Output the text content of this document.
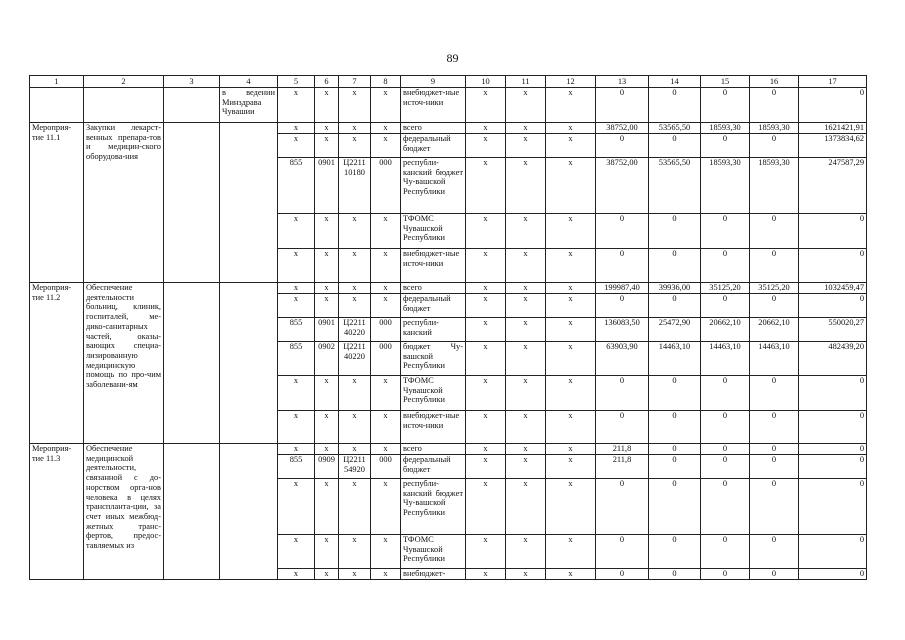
89
1	2	3	4	5	6	7	8	9	10	11	12	13	14	15	16	17
			в ведении Минздрава Чувашии	х	х	х	х	внебюджет-ные источ-ники	х	х	х	0	0	0	0	0
Мероприя-тие 11.1	Закупки лекарст-венных препара-тов и медицин-ского оборудова-ния			х	х	х	х	всего	х	х	х	38752,00	53565,50	18593,30	18593,30	1621421,91
				х	х	х	х	федеральный бюджет	х	х	х	0	0	0	0	1373834,62
				855	0901	Ц2211 10180	000	республи-канский бюджет Чу-вашской Республики	х	х	х	38752,00	53565,50	18593,30	18593,30	247587,29
				х	х	х	х	ТФОМС Чувашской Республики	х	х	х	0	0	0	0	0
				х	х	х	х	внебюджет-ные источ-ники	х	х	х	0	0	0	0	0
Мероприя-тие 11.2	Обеспечение деятельности больниц, клиник, госпиталей, ме-дико-санитарных частей, оказы-вающих специа-лизированную медицинскую помощь по про-чим заболевани-ям			х	х	х	х	всего	х	х	х	199987,40	39936,00	35125,20	35125,20	1032459,47
				х	х	х	х	федеральный бюджет	х	х	х	0	0	0	0	0
				855	0901	Ц2211 40220	000	республи-канский	х	х	х	136083,50	25472,90	20662,10	20662,10	550020,27
				855	0902	Ц2211 40220	000	бюджет Чу-вашской Республики	х	х	х	63903,90	14463,10	14463,10	14463,10	482439,20
				х	х	х	х	ТФОМС Чувашской Республики	х	х	х	0	0	0	0	0
				х	х	х	х	внебюджет-ные источ-ники	х	х	х	0	0	0	0	0
Мероприя-тие 11.3	Обеспечение медицинской деятельности, связанной с до-норством орга-нов человека в целях транспланта-ции, за счет иных межбюд-жетных транс-фертов, предос-тавляемых из			х	х	х	х	всего	х	х	х	211,8	0	0	0	0
				855	0909	Ц2211 54920	000	федеральный бюджет	х	х	х	211,8	0	0	0	0
				х	х	х	х	республи-канский бюджет Чу-вашской Республики	х	х	х	0	0	0	0	0
				х	х	х	х	ТФОМС Чувашской Республики	х	х	х	0	0	0	0	0
				х	х	х	х	внебюджет-	х	х	х	0	0	0	0	0
